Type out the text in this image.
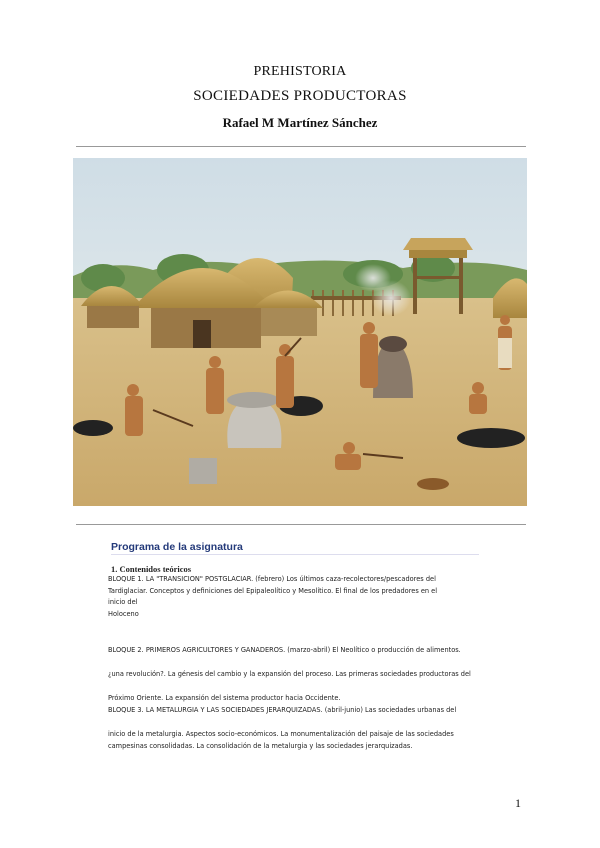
PREHISTORIA
SOCIEDADES PRODUCTORAS
Rafael M Martínez Sánchez
Programa de la asignatura
1. Contenidos teóricos
BLOQUE 1. LA "TRANSICION" POSTGLACIAR. (febrero) Los últimos caza-recolectores/pescadores del
Tardiglaciar. Conceptos y definiciones del Epipaleolítico y Mesolítico. El final de los predadores en el
inicio del
Holoceno
BLOQUE 2. PRIMEROS AGRICULTORES Y GANADEROS. (marzo-abril) El Neolítico o producción de alimentos.
¿una revolución?. La génesis del cambio y la expansión del proceso. Las primeras sociedades productoras del
Próximo Oriente. La expansión del sistema productor hacia Occidente.
BLOQUE 3. LA METALURGIA Y LAS SOCIEDADES JERARQUIZADAS. (abril-junio) Las sociedades urbanas del
inicio de la metalurgia. Aspectos socio-económicos. La monumentalización del paisaje de las sociedades
campesinas consolidadas. La consolidación de la metalurgia y las sociedades jerarquizadas.
1
